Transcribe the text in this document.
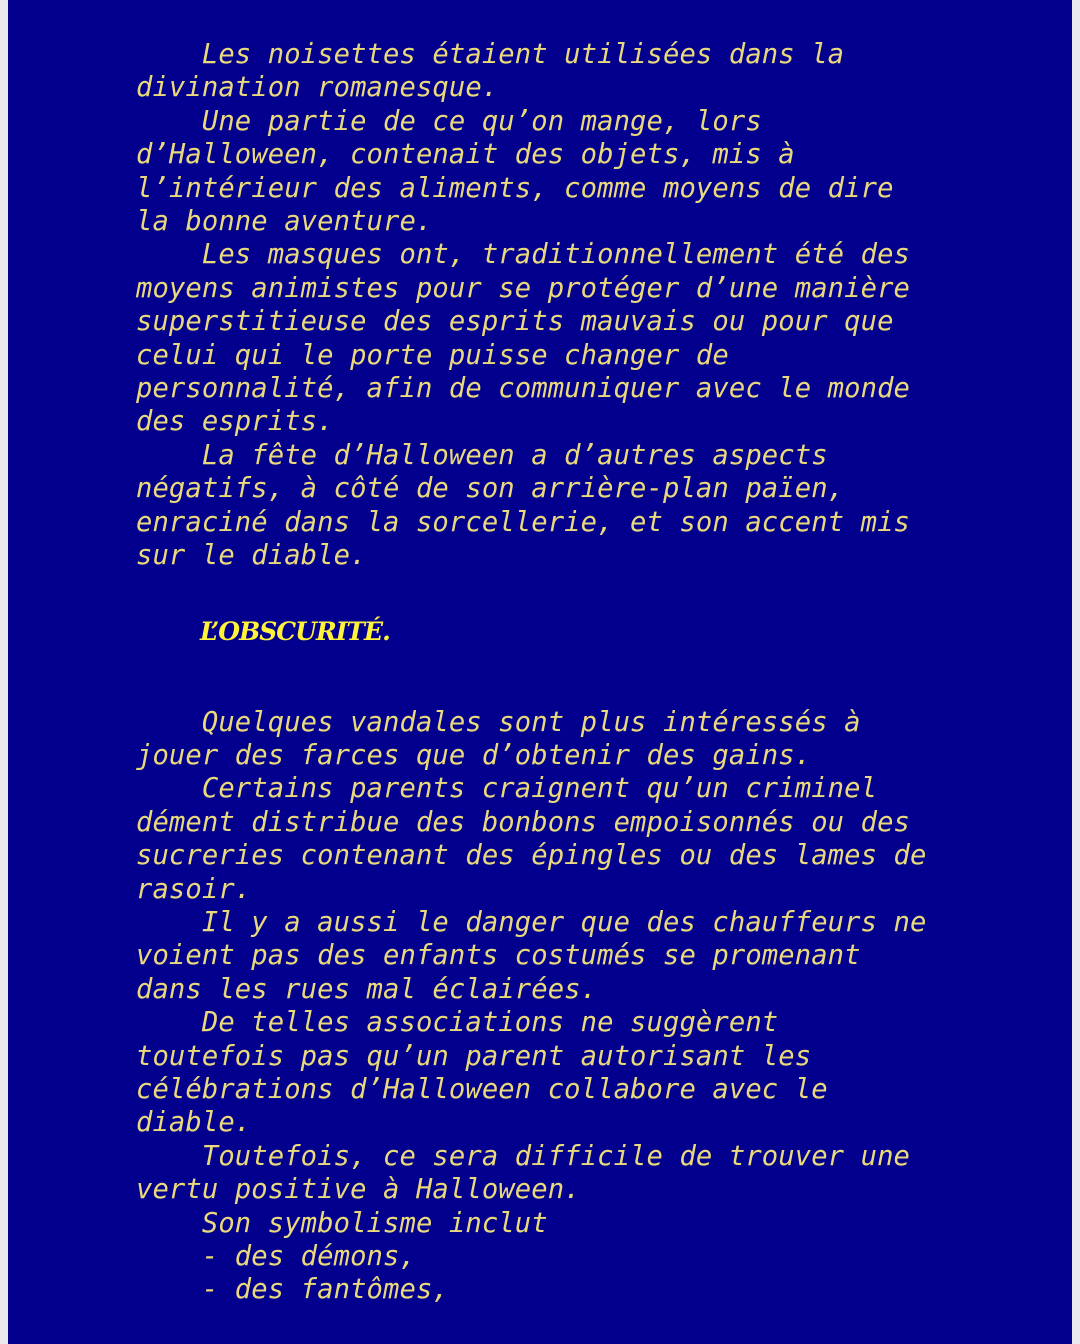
Les noisettes étaient utilisées dans la
divination romanesque.

Une partie de ce qu’on mange, lors
d’Halloween, contenait des objets, mis à
l’intérieur des aliments, comme moyens de dire
la bonne aventure.

Les masques ont, traditionnellement été des
moyens animistes pour se protéger d’une manière
superstitieuse des esprits mauvais ou pour que
celui qui le porte puisse changer de
personnalité, afin de communiquer avec le monde
des esprits.

La fête d’Halloween a d’autres aspects
négatifs, à côté de son arrière-plan païen,
enraciné dans la sorcellerie, et son accent mis
sur le diable.

L’OBSCURITÉ.

Quelques vandales sont plus intéressés à
jouer des farces que d’obtenir des gains.

Certains parents craignent qu’un criminel
dément distribue des bonbons empoisonnés ou des
sucreries contenant des épingles ou des lames de
rasoir.

Il y a aussi le danger que des chauffeurs ne
voient pas des enfants costumés se promenant
dans les rues mal éclairées.

De telles associations ne suggèrent
toutefois pas qu’un parent autorisant les
célébrations d’Halloween collabore avec le
diable.

Toutefois, ce sera difficile de trouver une
vertu positive à Halloween.

Son symbolisme inclut

- des démons,

- des fantômes,
